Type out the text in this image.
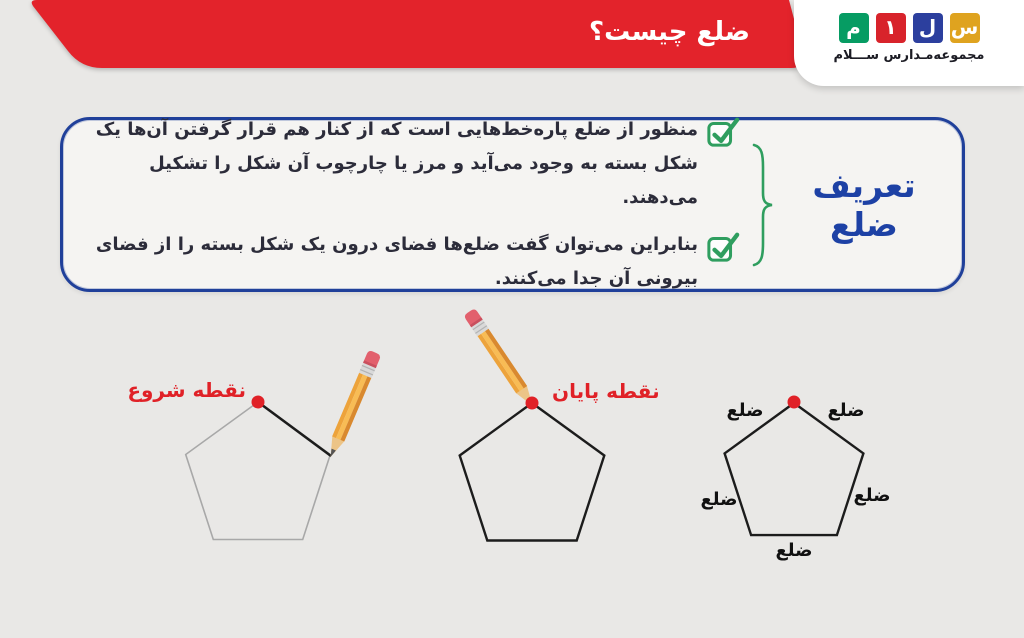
ضلع چیست؟	س
ل
۱
م
مجموعه‌مـدارس ســـلام
تعریف ضلع

منظور از ضلع پاره‌خط‌هایی است که از کنار هم قرار گرفتن آن‌ها یک شکل بسته به وجود می‌آید و مرز یا چارچوب آن شکل را تشکیل می‌دهند.

بنابراین می‌توان گفت ضلع‌ها فضای درون یک شکل بسته را از فضای بیرونی آن جدا می‌کنند.

نقطه شروع	نقطه پایان
ضلع	ضلع
ضلع	ضلع
ضلع
